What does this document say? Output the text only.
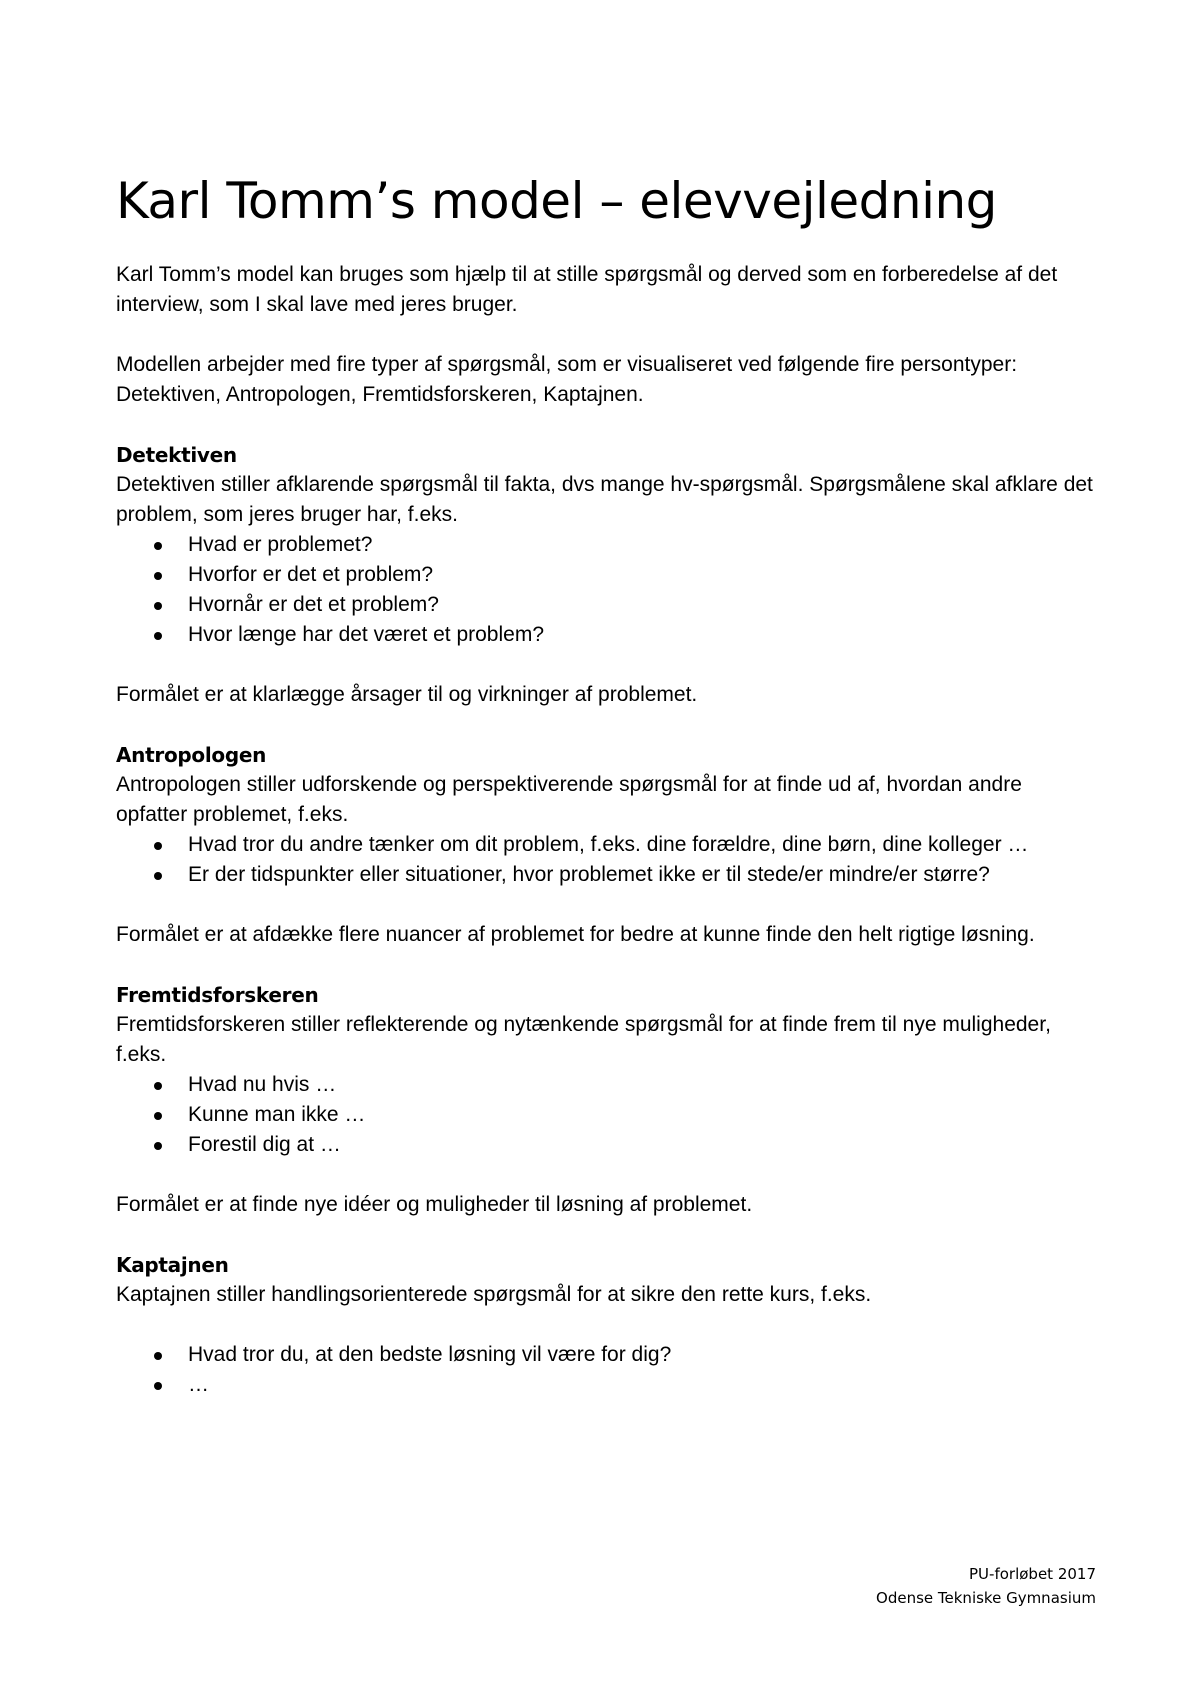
Karl Tomm’s model – elevvejledning

Karl Tomm’s model kan bruges som hjælp til at stille spørgsmål og derved som en forberedelse af det interview, som I skal lave med jeres bruger.

Modellen arbejder med fire typer af spørgsmål, som er visualiseret ved følgende fire persontyper: Detektiven, Antropologen, Fremtidsforskeren, Kaptajnen.

Detektiven

Detektiven stiller afklarende spørgsmål til fakta, dvs mange hv-spørgsmål. Spørgsmålene skal afklare det problem, som jeres bruger har, f.eks.

Hvad er problemet?
Hvorfor er det et problem?
Hvornår er det et problem?
Hvor længe har det været et problem?

Formålet er at klarlægge årsager til og virkninger af problemet.

Antropologen

Antropologen stiller udforskende og perspektiverende spørgsmål for at finde ud af, hvordan andre opfatter problemet, f.eks.

Hvad tror du andre tænker om dit problem, f.eks. dine forældre, dine børn, dine kolleger …
Er der tidspunkter eller situationer, hvor problemet ikke er til stede/er mindre/er større?

Formålet er at afdække flere nuancer af problemet for bedre at kunne finde den helt rigtige løsning.

Fremtidsforskeren

Fremtidsforskeren stiller reflekterende og nytænkende spørgsmål for at finde frem til nye muligheder, f.eks.

Hvad nu hvis …
Kunne man ikke …
Forestil dig at …

Formålet er at finde nye idéer og muligheder til løsning af problemet.

Kaptajnen

Kaptajnen stiller handlingsorienterede spørgsmål for at sikre den rette kurs, f.eks.

Hvad tror du, at den bedste løsning vil være for dig?
…
PU-forløbet 2017
Odense Tekniske Gymnasium
